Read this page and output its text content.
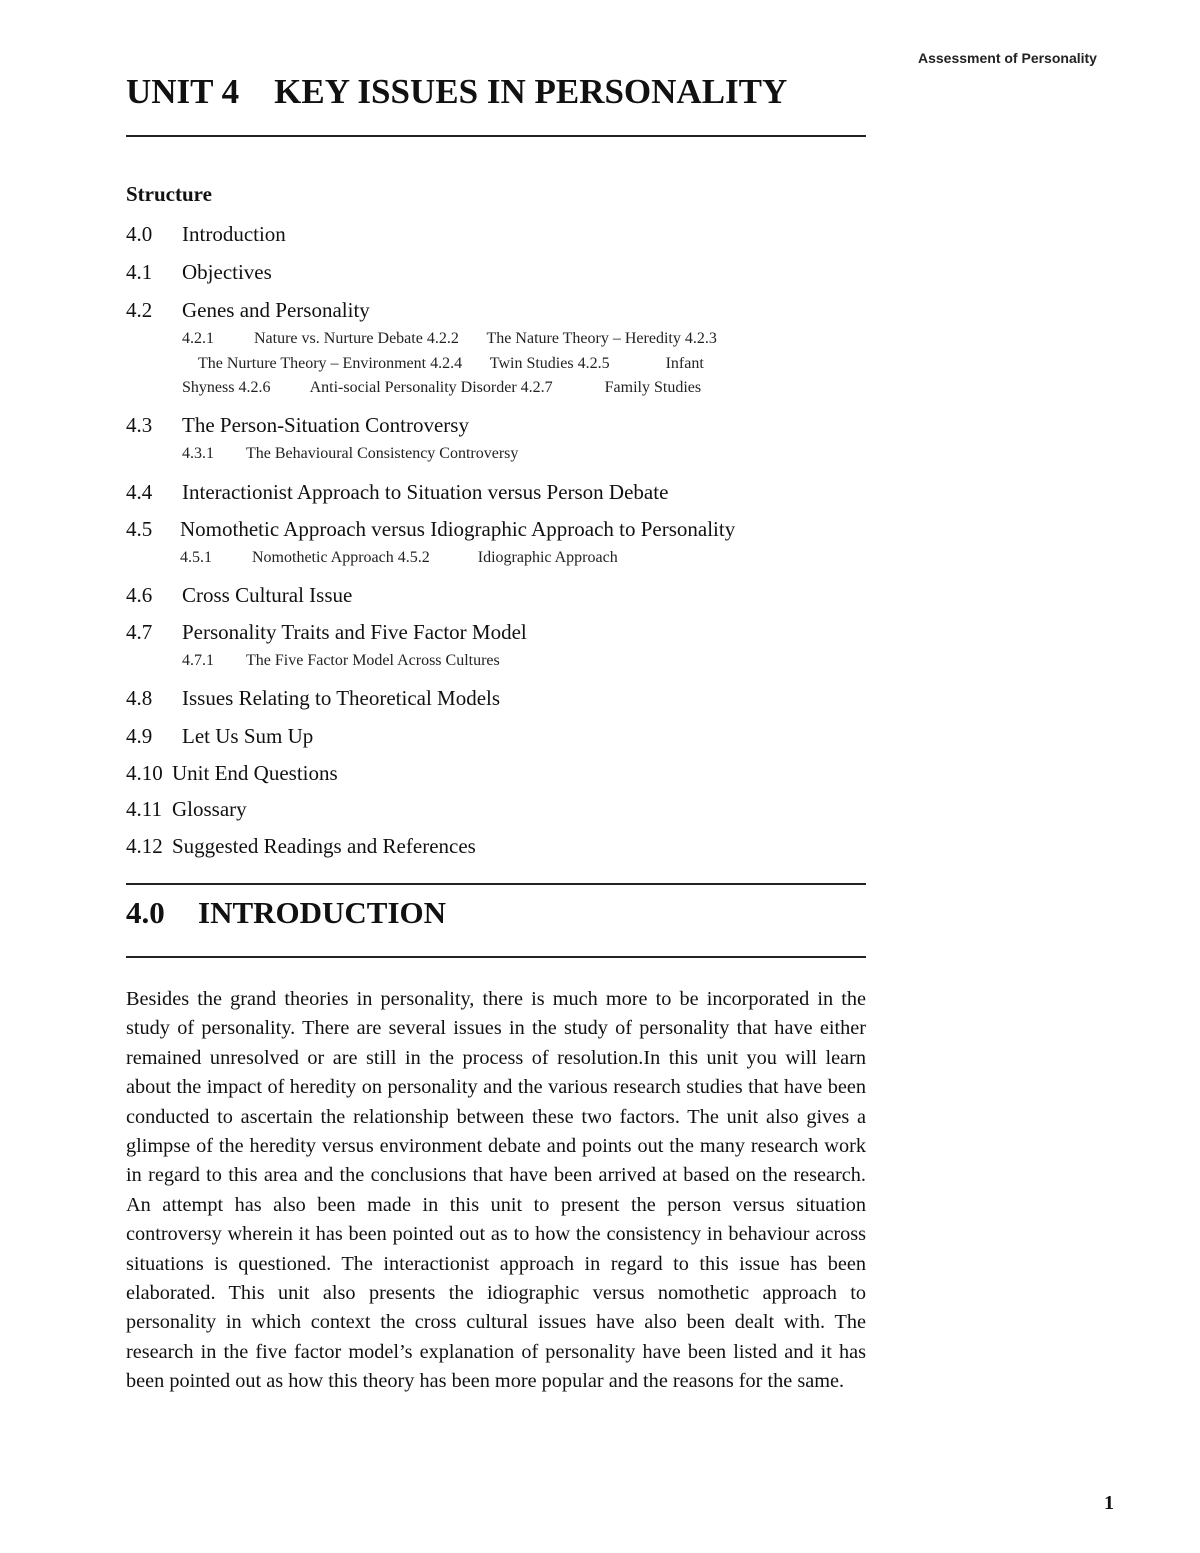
Assessment of Personality
UNIT 4    KEY ISSUES IN PERSONALITY
Structure
4.0 Introduction
4.1 Objectives
4.2 Genes and Personality
4.2.1          Nature vs. Nurture Debate 4.2.2       The Nature Theory – Heredity 4.2.3
The Nurture Theory – Environment 4.2.4       Twin Studies 4.2.5              Infant
Shyness 4.2.6          Anti-social Personality Disorder 4.2.7             Family Studies
4.3 The Person-Situation Controversy
4.3.1 The Behavioural Consistency Controversy
4.4 Interactionist Approach to Situation versus Person Debate
4.5 Nomothetic Approach versus Idiographic Approach to Personality
4.5.1          Nomothetic Approach 4.5.2            Idiographic Approach
4.6 Cross Cultural Issue
4.7 Personality Traits and Five Factor Model
4.7.1 The Five Factor Model Across Cultures
4.8 Issues Relating to Theoretical Models
4.9 Let Us Sum Up
4.10 Unit End Questions
4.11 Glossary
4.12 Suggested Readings and References
4.0 INTRODUCTION

Besides the grand theories in personality, there is much more to be incorporated in the study of personality. There are several issues in the study of personality that have either remained unresolved or are still in the process of resolution.In this unit you will learn about the impact of heredity on personality and the various research studies that have been conducted to ascertain the relationship between these two factors. The unit also gives a glimpse of the heredity versus environment debate and points out the many research work in regard to this area and the conclusions that have been arrived at based on the research. An attempt has also been made in this unit to present the person versus situation controversy wherein it has been pointed out as to how the consistency in behaviour across situations is questioned. The interactionist approach in regard to this issue has been elaborated. This unit also presents the idiographic versus nomothetic approach to personality in which context the cross cultural issues have also been dealt with. The research in the five factor model’s explanation of personality have been listed and it has been pointed out as how this theory has been more popular and the reasons for the same.

1
